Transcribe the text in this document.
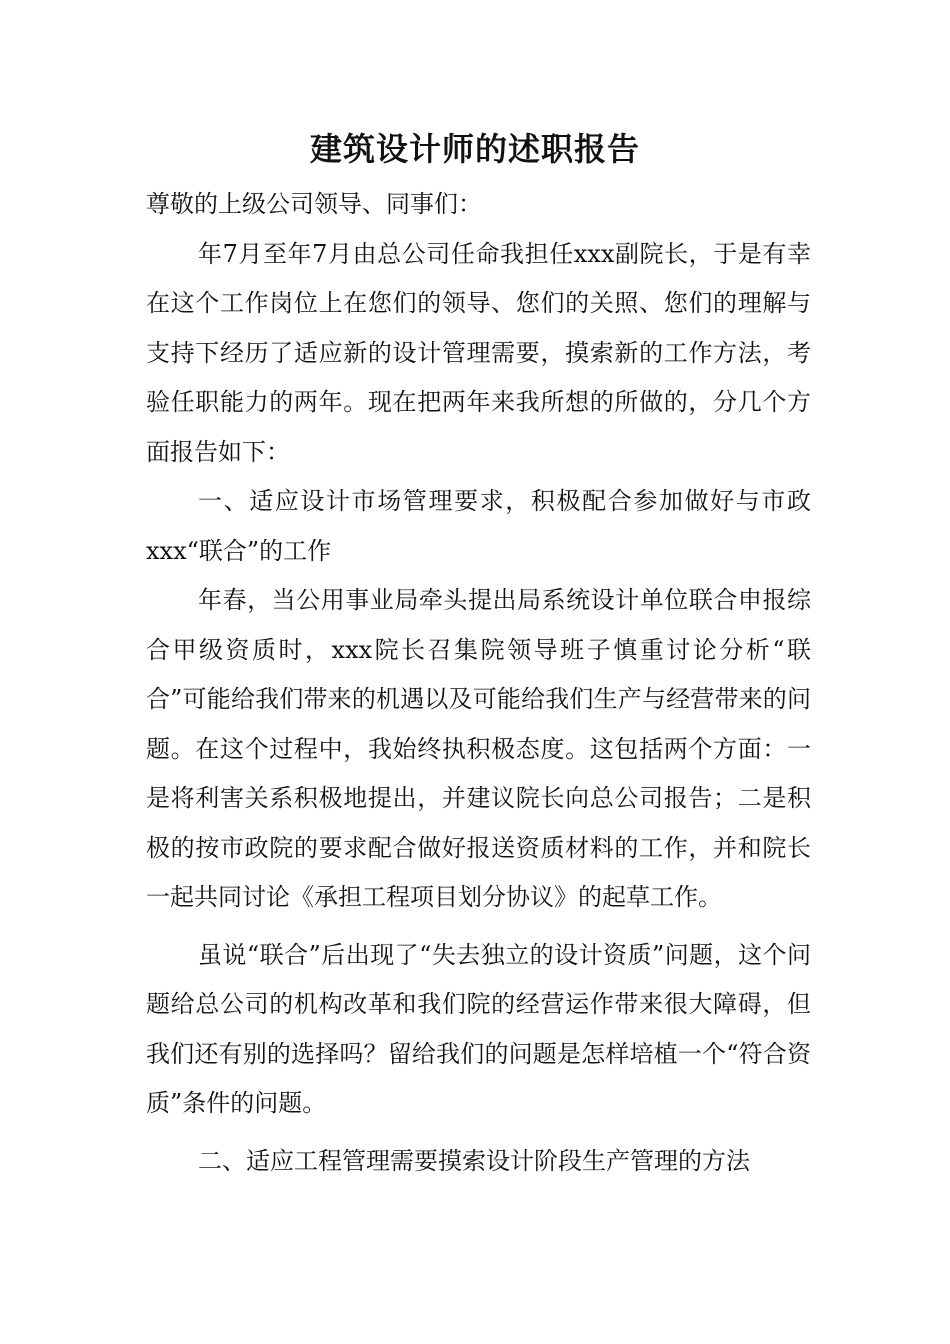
建筑设计师的述职报告

尊敬的上级公司领导、同事们：

年7月至年7月由总公司任命我担任xxx副院长，于是有幸在这个工作岗位上在您们的领导、您们的关照、您们的理解与支持下经历了适应新的设计管理需要，摸索新的工作方法，考验任职能力的两年。现在把两年来我所想的所做的，分几个方面报告如下：

一、适应设计市场管理要求，积极配合参加做好与市政xxx“联合”的工作

年春，当公用事业局牵头提出局系统设计单位联合申报综合甲级资质时，xxx院长召集院领导班子慎重讨论分析“联合”可能给我们带来的机遇以及可能给我们生产与经营带来的问题。在这个过程中，我始终执积极态度。这包括两个方面：一是将利害关系积极地提出，并建议院长向总公司报告；二是积极的按市政院的要求配合做好报送资质材料的工作，并和院长一起共同讨论《承担工程项目划分协议》的起草工作。

虽说“联合”后出现了“失去独立的设计资质”问题，这个问题给总公司的机构改革和我们院的经营运作带来很大障碍，但我们还有别的选择吗？留给我们的问题是怎样培植一个“符合资质”条件的问题。

二、适应工程管理需要摸索设计阶段生产管理的方法
